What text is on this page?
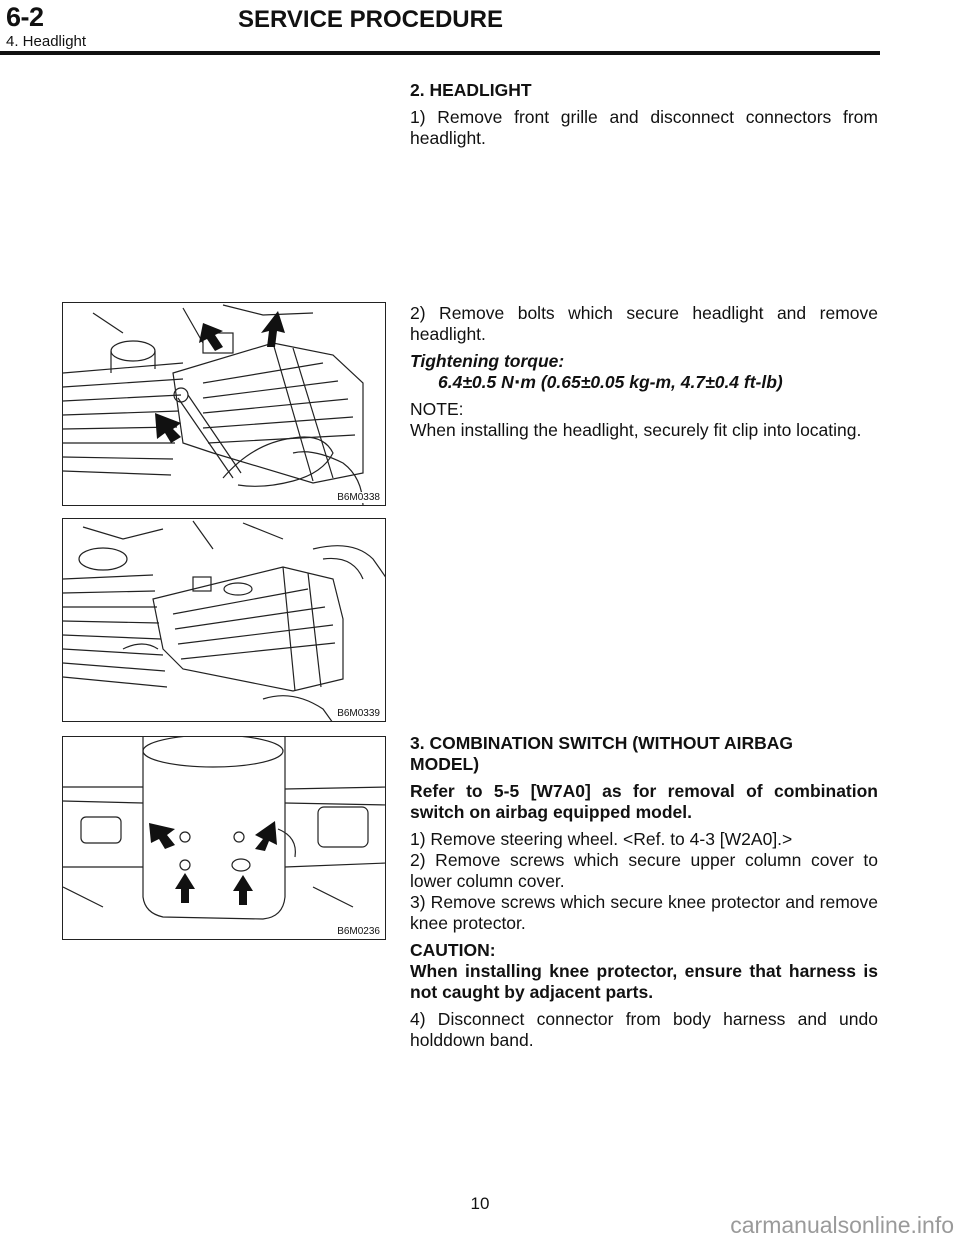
6-2	SERVICE PROCEDURE
4. Headlight

2. HEADLIGHT

1) Remove front grille and disconnect connectors from headlight.

2) Remove bolts which secure headlight and remove headlight.

Tightening torque:

6.4±0.5 N⋅m (0.65±0.05 kg-m, 4.7±0.4 ft-lb)

NOTE:

When installing the headlight, securely fit clip into locating.

3. COMBINATION SWITCH (WITHOUT AIRBAG

MODEL)

Refer to 5-5 [W7A0] as for removal of combination switch on airbag equipped model.

1) Remove steering wheel. <Ref. to 4-3 [W2A0].>

2) Remove screws which secure upper column cover to lower column cover.

3) Remove screws which secure knee protector and remove knee protector.

CAUTION:

When installing knee protector, ensure that harness is not caught by adjacent parts.

4) Disconnect connector from body harness and undo holddown band.

B6M0338
B6M0339
B6M0236
10
carmanualsonline.info
